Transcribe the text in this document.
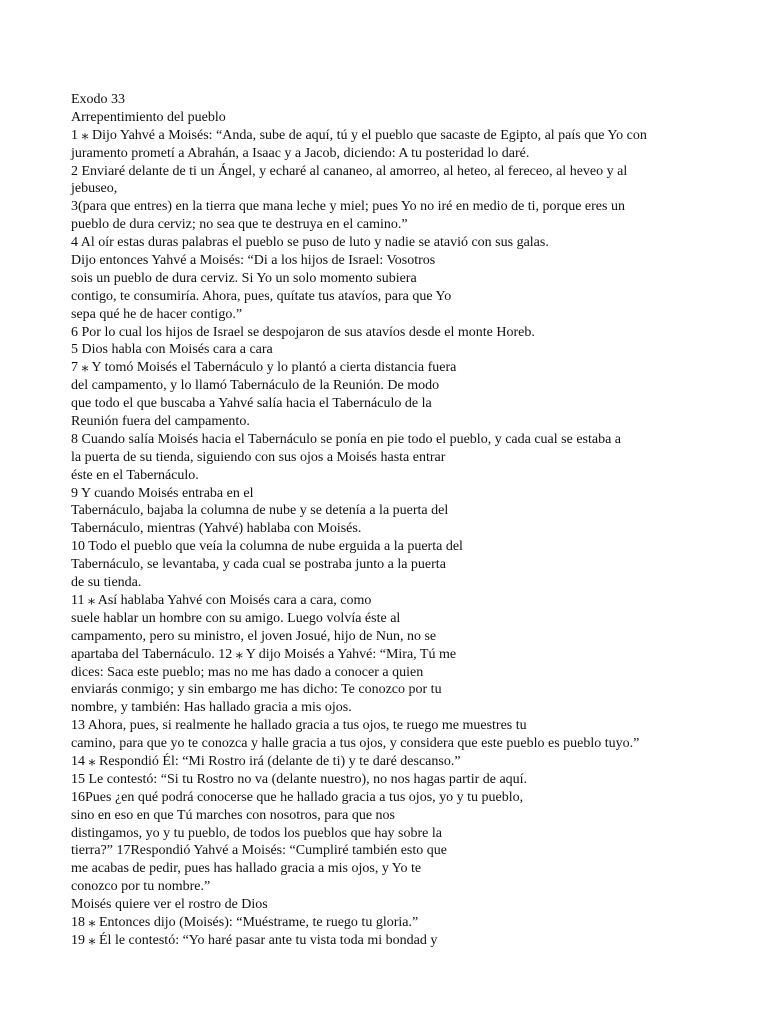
Exodo 33
Arrepentimiento del pueblo
1 ⁎ Dijo Yahvé a Moisés: “Anda, sube de aquí, tú y el pueblo que sacaste de Egipto, al país que Yo con
juramento prometí a Abrahán, a Isaac y a Jacob, diciendo: A tu posteridad lo daré.
2 Enviaré delante de ti un Ángel, y echaré al cananeo, al amorreo, al heteo, al fereceo, al heveo y al
jebuseo,
3(para que entres) en la tierra que mana leche y miel; pues Yo no iré en medio de ti, porque eres un
pueblo de dura cerviz; no sea que te destruya en el camino.”
4 Al oír estas duras palabras el pueblo se puso de luto y nadie se atavió con sus galas.
Dijo entonces Yahvé a Moisés: “Di a los hijos de Israel: Vosotros
sois un pueblo de dura cerviz. Si Yo un solo momento subiera
contigo, te consumiría. Ahora, pues, quítate tus atavíos, para que Yo
sepa qué he de hacer contigo.”
6 Por lo cual los hijos de Israel se despojaron de sus atavíos desde el monte Horeb.
5 Dios habla con Moisés cara a cara
7 ⁎ Y tomó Moisés el Tabernáculo y lo plantó a cierta distancia fuera
del campamento, y lo llamó Tabernáculo de la Reunión. De modo
que todo el que buscaba a Yahvé salía hacia el Tabernáculo de la
Reunión fuera del campamento.
8 Cuando salía Moisés hacia el Tabernáculo se ponía en pie todo el pueblo, y cada cual se estaba a
la puerta de su tienda, siguiendo con sus ojos a Moisés hasta entrar
éste en el Tabernáculo.
9 Y cuando Moisés entraba en el
Tabernáculo, bajaba la columna de nube y se detenía a la puerta del
Tabernáculo, mientras (Yahvé) hablaba con Moisés.
10 Todo el pueblo que veía la columna de nube erguida a la puerta del
Tabernáculo, se levantaba, y cada cual se postraba junto a la puerta
de su tienda.
11 ⁎ Así hablaba Yahvé con Moisés cara a cara, como
suele hablar un hombre con su amigo. Luego volvía éste al
campamento, pero su ministro, el joven Josué, hijo de Nun, no se
apartaba del Tabernáculo. 12 ⁎ Y dijo Moisés a Yahvé: “Mira, Tú me
dices: Saca este pueblo; mas no me has dado a conocer a quien
enviarás conmigo; y sin embargo me has dicho: Te conozco por tu
nombre, y también: Has hallado gracia a mis ojos.
13 Ahora, pues, si realmente he hallado gracia a tus ojos, te ruego me muestres tu
camino, para que yo te conozca y halle gracia a tus ojos, y considera que este pueblo es pueblo tuyo.”
14 ⁎ Respondió Él: “Mi Rostro irá (delante de ti) y te daré descanso.”
15 Le contestó: “Si tu Rostro no va (delante nuestro), no nos hagas partir de aquí.
16Pues ¿en qué podrá conocerse que he hallado gracia a tus ojos, yo y tu pueblo,
sino en eso en que Tú marches con nosotros, para que nos
distingamos, yo y tu pueblo, de todos los pueblos que hay sobre la
tierra?” 17Respondió Yahvé a Moisés: “Cumpliré también esto que
me acabas de pedir, pues has hallado gracia a mis ojos, y Yo te
conozco por tu nombre.”
Moisés quiere ver el rostro de Dios
18 ⁎ Entonces dijo (Moisés): “Muéstrame, te ruego tu gloria.”
19 ⁎ Él le contestó: “Yo haré pasar ante tu vista toda mi bondad y
